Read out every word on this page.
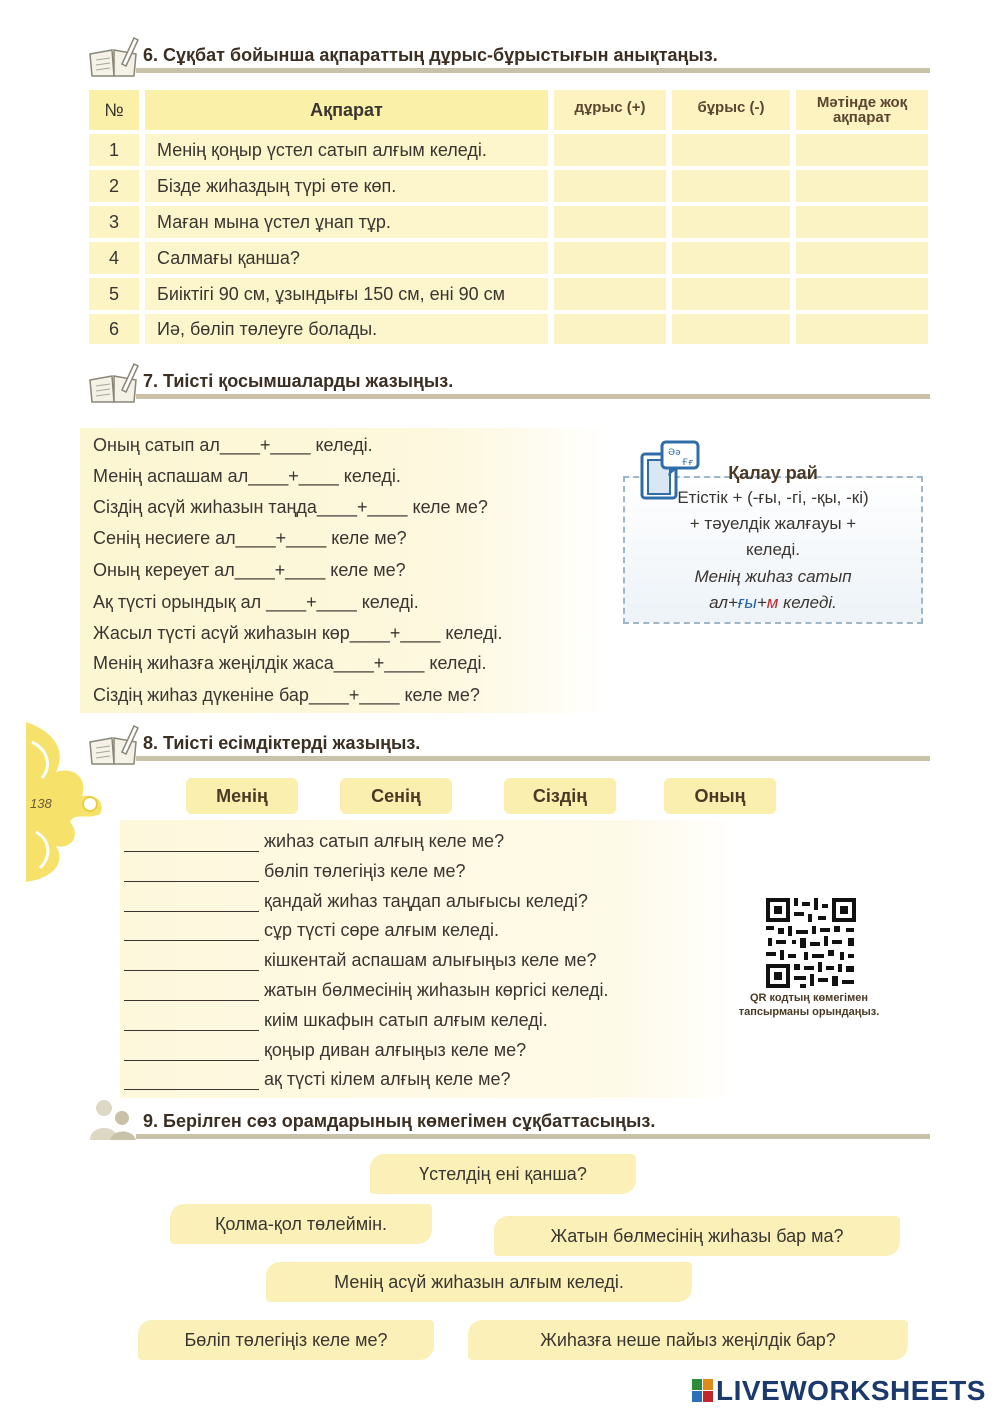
6. Сұқбат бойынша ақпараттың дұрыс-бұрыстығын анықтаңыз.
№	Ақпарат	дұрыс (+)	бұрыс (-)	Мәтінде жоқ
ақпарат
1	Менің қоңыр үстел сатып алғым келеді.
2	Бізде жиһаздың түрі өте көп.
3	Маған мына үстел ұнап тұр.
4	Салмағы қанша?
5	Биіктігі 90 см, ұзындығы 150 см, ені 90 см
6	Иә, бөліп төлеуге болады.
7. Тиісті қосымшаларды жазыңыз.
Оның сатып ал____+____ келеді.
Менің аспашам ал____+____ келеді.
Сіздің асүй жиһазын таңда____+____ келе ме?
Сенің несиеге ал____+____ келе ме?
Оның кереует ал____+____ келе ме?
Ақ түсті орындық ал ____+____ келеді.
Жасыл түсті асүй жиһазын көр____+____ келеді.
Менің жиһазға жеңілдік жаса____+____ келеді.
Сіздің жиһаз дүкеніне бар____+____ келе ме?
Әә
Ғғ	Қалау рай
Етістік + (-ғы, -гі, -қы, -кі)
+ тәуелдік жалғауы +
келеді.
Менің жиһаз сатып
ал+ғы+м келеді.
138
8. Тиісті есімдіктерді жазыңыз.
Менің	Сенің	Сіздің	Оның
жиһаз сатып алғың келе ме?
бөліп төлегіңіз келе ме?
қандай жиһаз таңдап алығысы келеді?
сұр түсті сөре алғым келеді.
кішкентай аспашам алығыңыз келе ме?
жатын бөлмесінің жиһазын көргісі келеді.
киім шкафын сатып алғым келеді.
қоңыр диван алғыңыз келе ме?
ақ түсті кілем алғың келе ме?
QR кодтың көмегімен
тапсырманы орындаңыз.
9. Берілген сөз орамдарының көмегімен сұқбаттасыңыз.
Үстелдің ені қанша?
Қолма-қол төлеймін.
Жатын бөлмесінің жиһазы бар ма?
Менің асүй жиһазын алғым келеді.
Бөліп төлегіңіз келе ме?	Жиһазға неше пайыз жеңілдік бар?
LIVEWORKSHEETS
